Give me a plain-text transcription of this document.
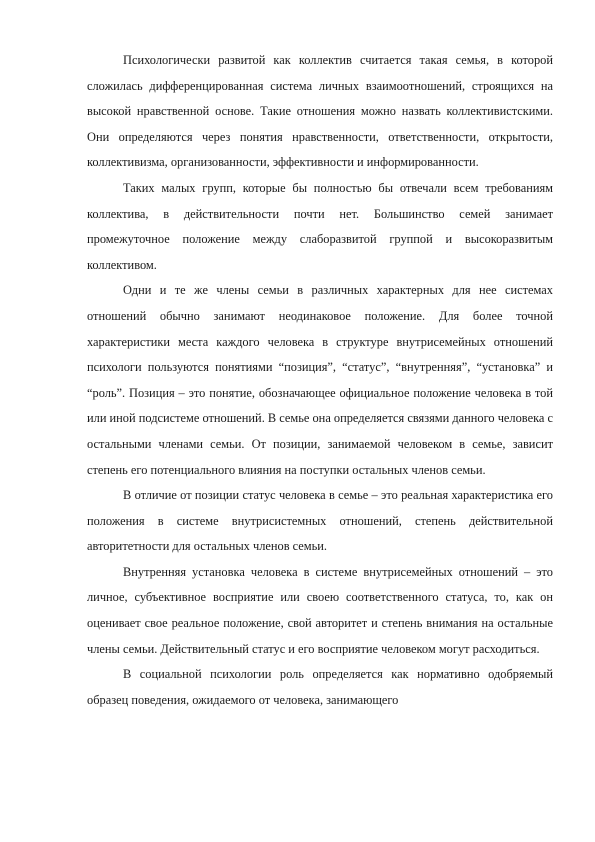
Психологически развитой как коллектив считается такая семья, в которой сложилась дифференцированная система личных взаимоотношений, строящихся на высокой нравственной основе. Такие отношения можно назвать коллективистскими. Они определяются через понятия нравственности, ответственности, открытости, коллективизма, организованности, эффективности и информированности.

Таких малых групп, которые бы полностью бы отвечали всем требованиям коллектива, в действительности почти нет. Большинство семей занимает промежуточное положение между слаборазвитой группой и высокоразвитым коллективом.

Одни и те же члены семьи в различных характерных для нее системах отношений обычно занимают неодинаковое положение. Для более точной характеристики места каждого человека в структуре внутрисемейных отношений психологи пользуются понятиями “позиция”, “статус”, “внутренняя”, “установка” и “роль”. Позиция – это понятие, обозначающее официальное положение человека в той или иной подсистеме отношений. В семье она определяется связями данного человека с остальными членами семьи. От позиции, занимаемой человеком в семье, зависит степень его потенциального влияния на поступки остальных членов семьи.

В отличие от позиции статус человека в семье – это реальная характеристика его положения в системе внутрисистемных отношений, степень действительной авторитетности для остальных членов семьи.

Внутренняя установка человека в системе внутрисемейных отношений – это личное, субъективное восприятие или своею соответственного статуса, то, как он оценивает свое реальное положение, свой авторитет и степень внимания на остальные члены семьи. Действительный статус и его восприятие человеком могут расходиться.

В социальной психологии роль определяется как нормативно одобряемый образец поведения, ожидаемого от человека, занимающего
